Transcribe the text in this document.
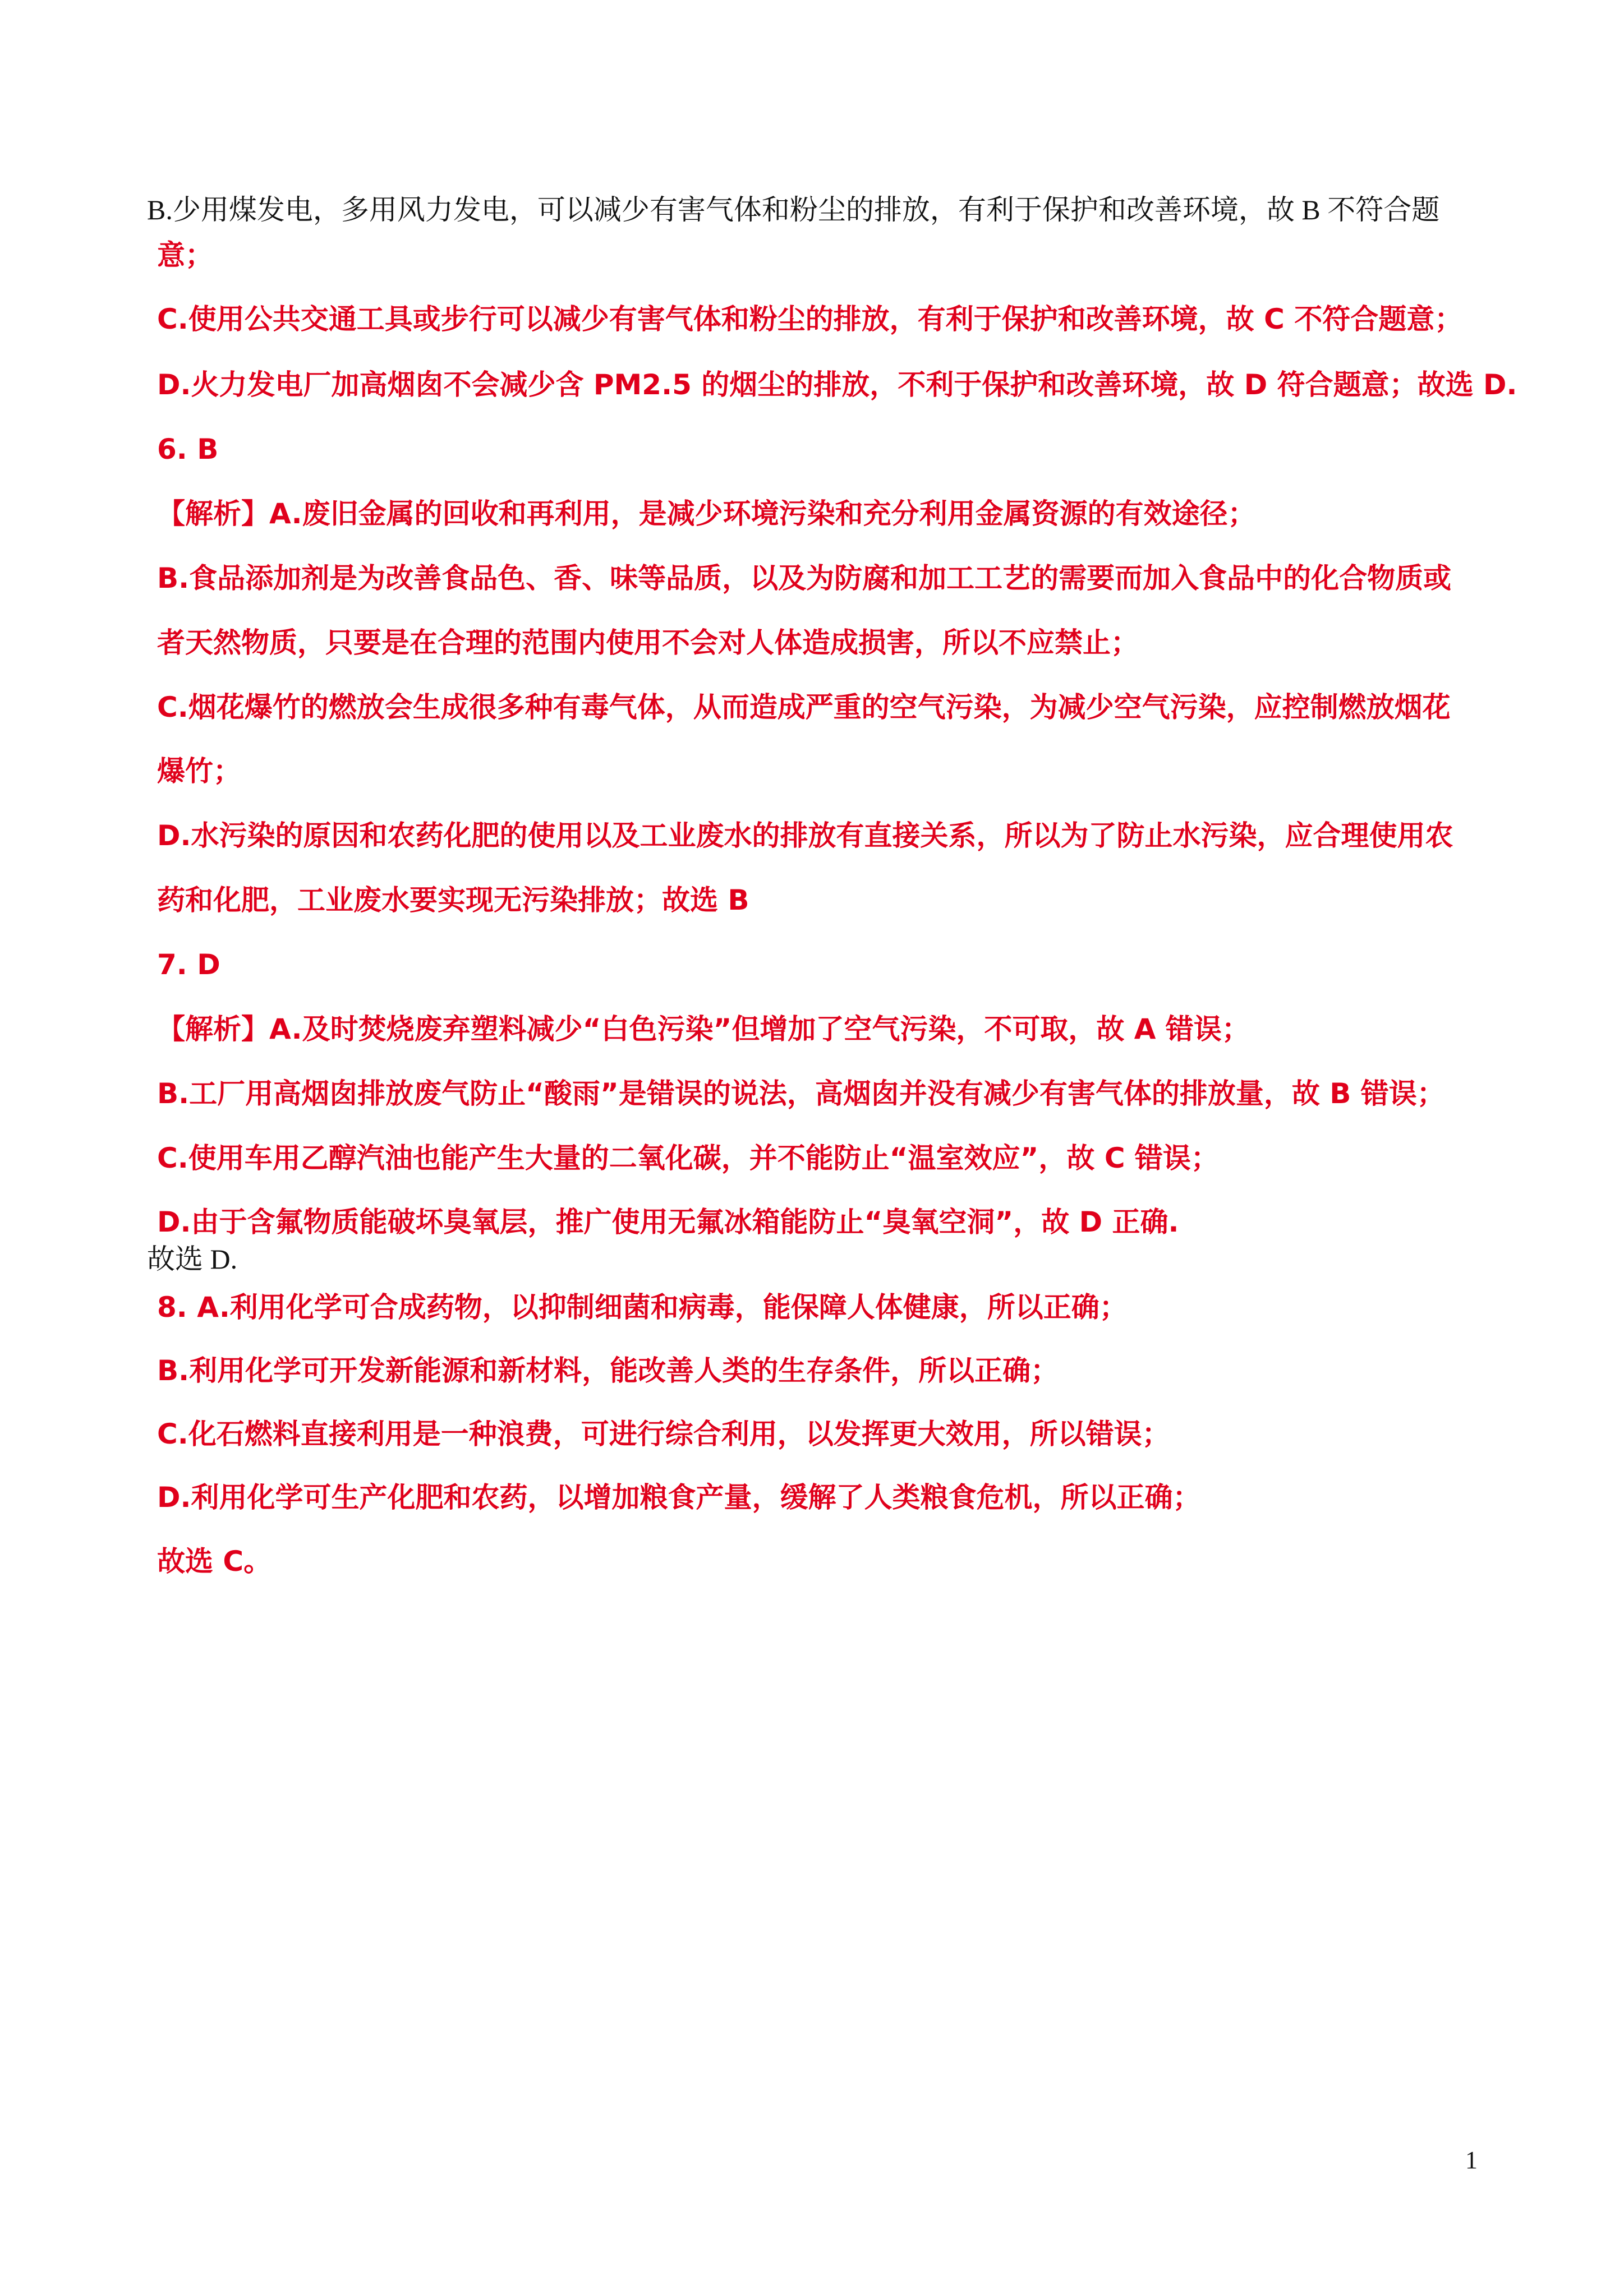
B.少用煤发电，多用风力发电，可以减少有害气体和粉尘的排放，有利于保护和改善环境，故 B 不符合题

意；

C.使用公共交通工具或步行可以减少有害气体和粉尘的排放，有利于保护和改善环境，故 C 不符合题意；

D.火力发电厂加高烟囱不会减少含 PM2.5 的烟尘的排放，不利于保护和改善环境，故 D 符合题意；故选 D.

6. B

【解析】A.废旧金属的回收和再利用，是减少环境污染和充分利用金属资源的有效途径；

B.食品添加剂是为改善食品色、香、味等品质，以及为防腐和加工工艺的需要而加入食品中的化合物质或

者天然物质，只要是在合理的范围内使用不会对人体造成损害，所以不应禁止；

C.烟花爆竹的燃放会生成很多种有毒气体，从而造成严重的空气污染，为减少空气污染，应控制燃放烟花

爆竹；

D.水污染的原因和农药化肥的使用以及工业废水的排放有直接关系，所以为了防止水污染，应合理使用农

药和化肥，工业废水要实现无污染排放；故选 B

7. D

【解析】A.及时焚烧废弃塑料减少“白色污染”但增加了空气污染，不可取，故 A 错误；

B.工厂用高烟囱排放废气防止“酸雨”是错误的说法，高烟囱并没有减少有害气体的排放量，故 B 错误；

C.使用车用乙醇汽油也能产生大量的二氧化碳，并不能防止“温室效应”，故 C 错误；

D.由于含氟物质能破坏臭氧层，推广使用无氟冰箱能防止“臭氧空洞”，故 D 正确.

故选 D.

8. A.利用化学可合成药物，以抑制细菌和病毒，能保障人体健康，所以正确；

B.利用化学可开发新能源和新材料，能改善人类的生存条件，所以正确；

C.化石燃料直接利用是一种浪费，可进行综合利用，以发挥更大效用，所以错误；

D.利用化学可生产化肥和农药，以增加粮食产量，缓解了人类粮食危机，所以正确；

故选 C。

1
